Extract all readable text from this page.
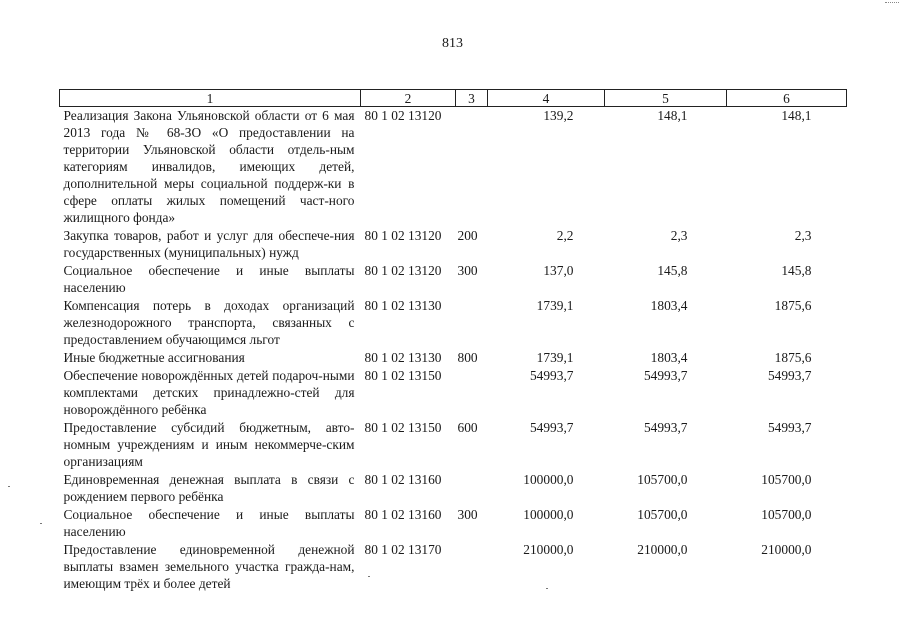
813
1	2	3	4	5	6
Реализация Закона Ульяновской области от 6 мая 2013 года № 68-ЗО «О предоставлении на территории Ульяновской области отдель-ным категориям инвалидов, имеющих детей, дополнительной меры социальной поддерж-ки в сфере оплаты жилых помещений част-ного жилищного фонда»	80 1 02 13120		139,2	148,1	148,1
Закупка товаров, работ и услуг для обеспече-ния государственных (муниципальных) нужд	80 1 02 13120	200	2,2	2,3	2,3
Социальное обеспечение и иные выплаты населению	80 1 02 13120	300	137,0	145,8	145,8
Компенсация потерь в доходах организаций железнодорожного транспорта, связанных с предоставлением обучающимся льгот	80 1 02 13130		1739,1	1803,4	1875,6
Иные бюджетные ассигнования	80 1 02 13130	800	1739,1	1803,4	1875,6
Обеспечение новорождённых детей подароч-ными комплектами детских принадлежно-стей для новорождённого ребёнка	80 1 02 13150		54993,7	54993,7	54993,7
Предоставление субсидий бюджетным, авто-номным учреждениям и иным некоммерче-ским организациям	80 1 02 13150	600	54993,7	54993,7	54993,7
Единовременная денежная выплата в связи с рождением первого ребёнка	80 1 02 13160		100000,0	105700,0	105700,0
Социальное обеспечение и иные выплаты населению	80 1 02 13160	300	100000,0	105700,0	105700,0
Предоставление единовременной денежной выплаты взамен земельного участка гражда-нам, имеющим трёх и более детей	80 1 02 13170		210000,0	210000,0	210000,0
